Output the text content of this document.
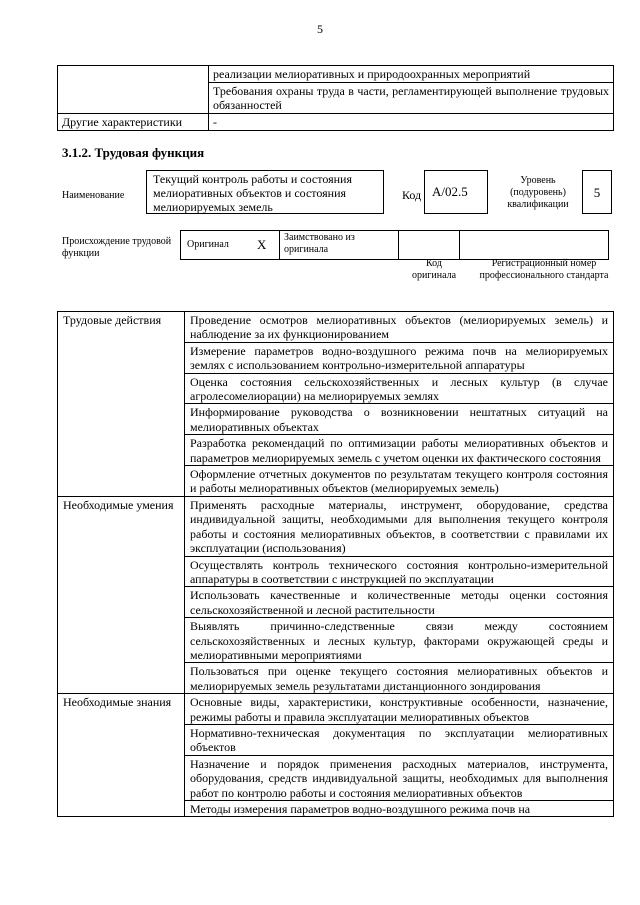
5
	реализации мелиоративных и природоохранных мероприятий
	Требования охраны труда в части, регламентирующей выполнение трудовых обязанностей
Другие характеристики	-
3.1.2. Трудовая функция
Наименование
Текущий контроль работы и состояния мелиоративных объектов и состояния мелиорируемых земель
Код А/02.5
Уровень (подуровень) квалификации
5
Происхождение трудовой функции
Оригинал	X	Заимствовано из оригинала		
Код оригинала
Регистрационный номер профессионального стандарта
Трудовые действия	Проведение осмотров мелиоративных объектов (мелиорируемых земель) и наблюдение за их функционированием
	Измерение параметров водно-воздушного режима почв на мелиорируемых землях с использованием контрольно-измерительной аппаратуры
	Оценка состояния сельскохозяйственных и лесных культур (в случае агролесомелиорации) на мелиорируемых землях
	Информирование руководства о возникновении нештатных ситуаций на мелиоративных объектах
	Разработка рекомендаций по оптимизации работы мелиоративных объектов и параметров мелиорируемых земель с учетом оценки их фактического состояния
	Оформление отчетных документов по результатам текущего контроля состояния и работы мелиоративных объектов (мелиорируемых земель)
Необходимые умения	Применять расходные материалы, инструмент, оборудование, средства индивидуальной защиты, необходимыми для выполнения текущего контроля работы и состояния мелиоративных объектов, в соответствии с правилами их эксплуатации (использования)
	Осуществлять контроль технического состояния контрольно-измерительной аппаратуры в соответствии с инструкцией по эксплуатации
	Использовать качественные и количественные методы оценки состояния сельскохозяйственной и лесной растительности
	Выявлять причинно-следственные связи между состоянием сельскохозяйственных и лесных культур, факторами окружающей среды и мелиоративными мероприятиями
	Пользоваться при оценке текущего состояния мелиоративных объектов и мелиорируемых земель результатами дистанционного зондирования
Необходимые знания	Основные виды, характеристики, конструктивные особенности, назначение, режимы работы и правила эксплуатации мелиоративных объектов
	Нормативно-техническая документация по эксплуатации мелиоративных объектов
	Назначение и порядок применения расходных материалов, инструмента, оборудования, средств индивидуальной защиты, необходимых для выполнения работ по контролю работы и состояния мелиоративных объектов
	Методы измерения параметров водно-воздушного режима почв на
